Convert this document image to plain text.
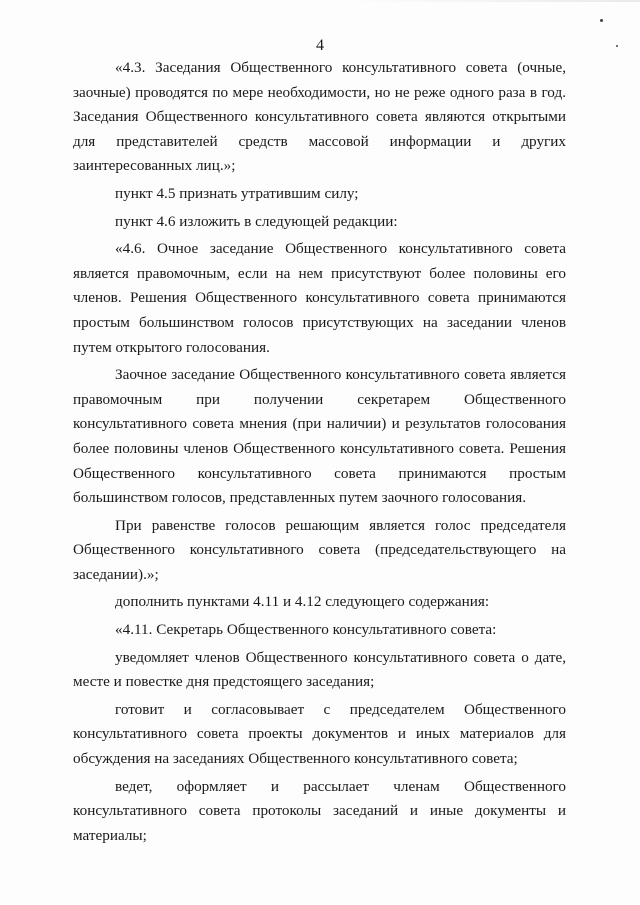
4
«4.3. Заседания Общественного консультативного совета (очные,
заочные) проводятся по мере необходимости, но не реже одного раза в год.
Заседания Общественного консультативного совета являются открытыми
для представителей средств массовой информации и других
заинтересованных лиц.»;
пункт 4.5 признать утратившим силу;
пункт 4.6 изложить в следующей редакции:
«4.6. Очное заседание Общественного консультативного совета
является правомочным, если на нем присутствуют более половины его
членов. Решения Общественного консультативного совета принимаются
простым большинством голосов присутствующих на заседании членов
путем открытого голосования.
Заочное заседание Общественного консультативного совета является
правомочным при получении секретарем Общественного
консультативного совета мнения (при наличии) и результатов голосования
более половины членов Общественного консультативного совета. Решения
Общественного консультативного совета принимаются простым
большинством голосов, представленных путем заочного голосования.
При равенстве голосов решающим является голос председателя
Общественного консультативного совета (председательствующего на
заседании).»;
дополнить пунктами 4.11 и 4.12 следующего содержания:
«4.11. Секретарь Общественного консультативного совета:
уведомляет членов Общественного консультативного совета о дате,
месте и повестке дня предстоящего заседания;
готовит и согласовывает с председателем Общественного
консультативного совета проекты документов и иных материалов для
обсуждения на заседаниях Общественного консультативного совета;
ведет, оформляет и рассылает членам Общественного
консультативного совета протоколы заседаний и иные документы и
материалы;
